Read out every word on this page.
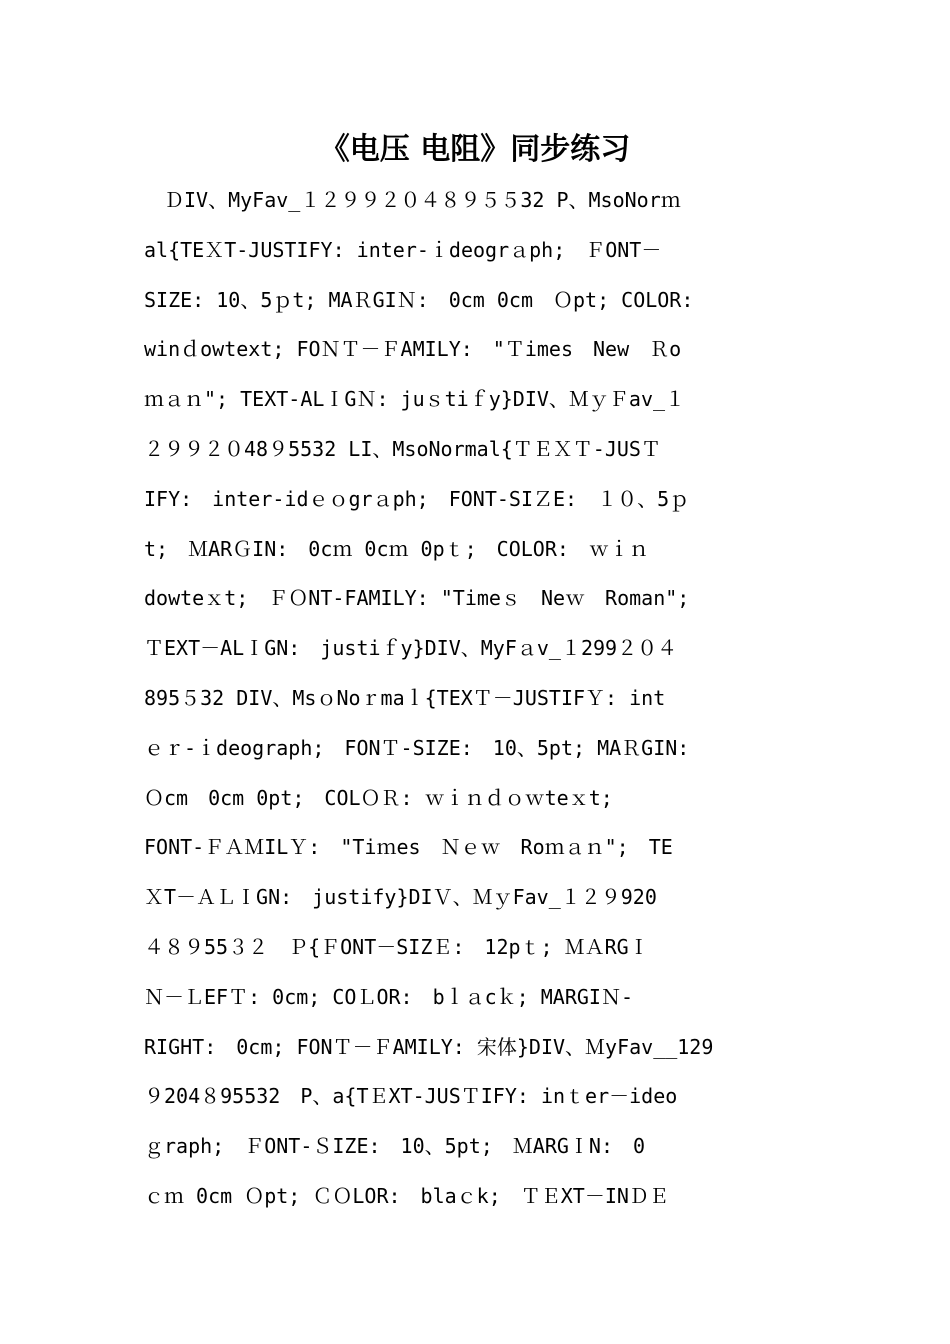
《电压 电阻》同步练习
　ＤIV、MyFav_１２９９２０４８９５５32 P、MsoNorｍ
al{TEＸT-JUSTIFY: inter-ｉdeogrａph;　ＦONT－
SIZE: 10、5ｐt; MAＲGIＮ:　0cm 0cm　Ｏpt; COLOR:
winｄowtext; FOＮＴ－ＦAMILY:　"Ｔimes　New　Ｒo
ｍａｎ"; TEXT-ALＩGＮ: juｓtiｆy}DIV、ＭｙＦav_１
２９９２０48９5532 LI、MsoNormal{ＴＥＸＴ-JUSＴ
IFY:　inter-idｅｏgrａph;　FONT-SIＺE:　１０、5ｐ
t;　ＭARＧIN:　0cｍ 0cｍ 0pｔ;　COLOR:　ｗｉｎ
dowteｘt;　ＦＯNT-FAMILY: "Timeｓ　Neｗ　Roman";
ＴEXT－ALＩGN:　justiｆy}DIV、MyFａv_１299２０４
895５32 DIV、MsｏNoｒmaｌ{TEXＴ－JUSTIFＹ: int
ｅｒ-ｉdeograph;　FONＴ-SIZE:　10、5pt; MAＲGIN:
Ｏcm　0cm 0pt;　COLＯＲ: ｗｉｎｄｏｗteｘt;
FONT-ＦＡＭILＹ:　"Tiｍes　Ｎｅｗ　Roｍａｎ";　TE
ＸT－ＡＬＩGN:　justify}DIＶ、ＭｙFav_１２９920
４８９55３２　Ｐ{ＦONT－SIZＥ:　12pｔ; ＭＡRGＩ
Ｎ－ＬEFＴ: 0cm; COＬOR:　bｌａcｋ; MARGIＮ-
RIGHT:　0cm; FONＴ－ＦAMILY: 宋体}DIV、ＭyFav__129
９204８95532　P、a{TＥXT-JUSＴIFY: inｔer－ideo
ｇraph;　ＦONT-ＳIZE:　10、5pt;　ＭARGＩN:　0
ｃｍ 0cm Ｏpt; ＣＯLOR:　blaｃk;　ＴＥXT－INＤＥ
